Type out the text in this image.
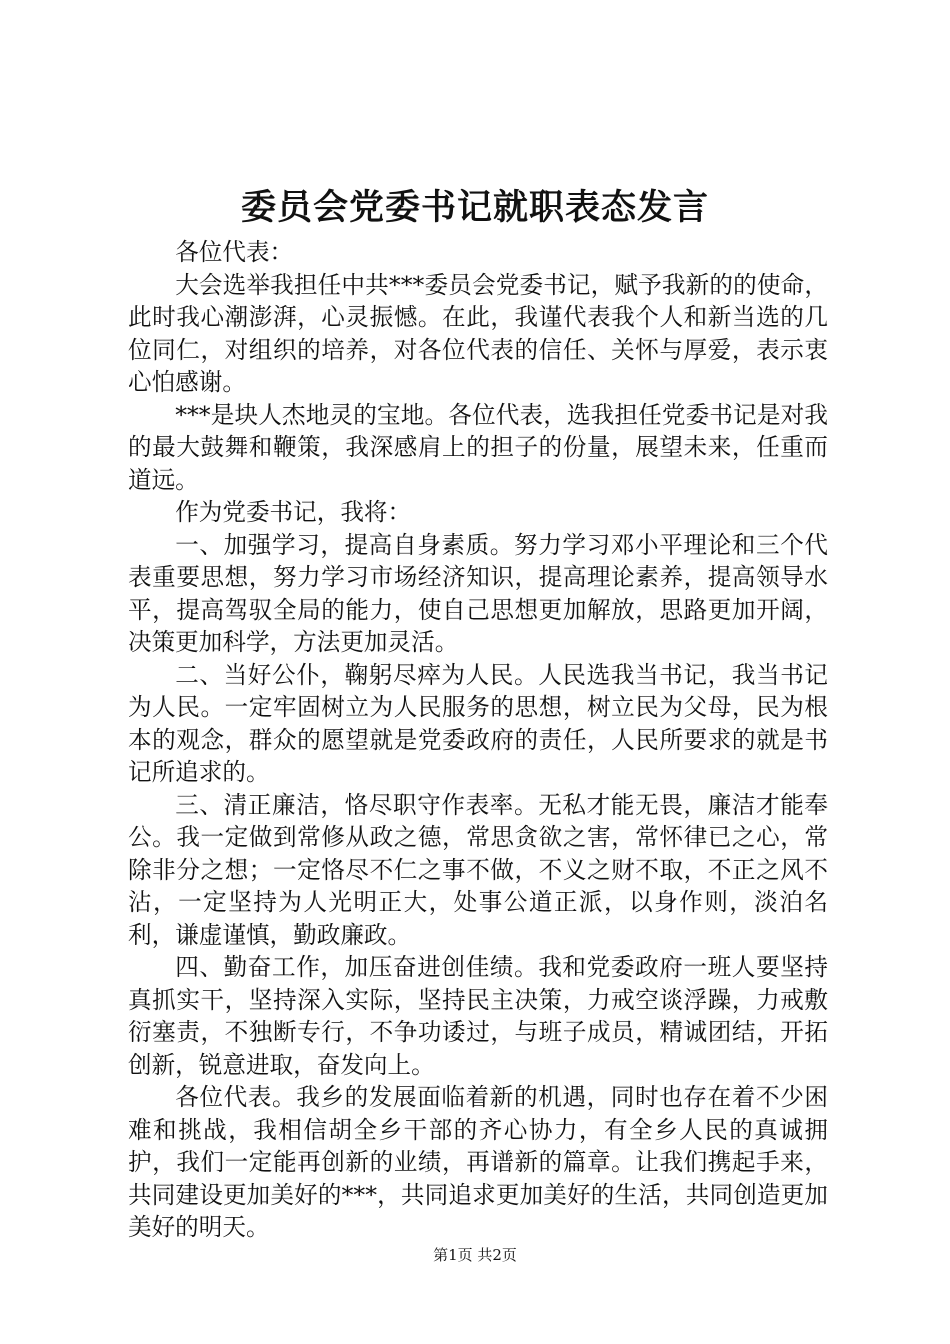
委员会党委书记就职表态发言

各位代表：

大会选举我担任中共***委员会党委书记，赋予我新的的使命，此时我心潮澎湃，心灵振憾。在此，我谨代表我个人和新当选的几位同仁，对组织的培养，对各位代表的信任、关怀与厚爱，表示衷心怕感谢。

***是块人杰地灵的宝地。各位代表，选我担任党委书记是对我的最大鼓舞和鞭策，我深感肩上的担子的份量，展望未来，任重而道远。

作为党委书记，我将：

一、加强学习，提高自身素质。努力学习邓小平理论和三个代表重要思想，努力学习市场经济知识，提高理论素养，提高领导水平，提高驾驭全局的能力，使自己思想更加解放，思路更加开阔，决策更加科学，方法更加灵活。

二、当好公仆，鞠躬尽瘁为人民。人民选我当书记，我当书记为人民。一定牢固树立为人民服务的思想，树立民为父母，民为根本的观念，群众的愿望就是党委政府的责任，人民所要求的就是书记所追求的。

三、清正廉洁，恪尽职守作表率。无私才能无畏，廉洁才能奉公。我一定做到常修从政之德，常思贪欲之害，常怀律已之心，常除非分之想；一定恪尽不仁之事不做，不义之财不取，不正之风不沾，一定坚持为人光明正大，处事公道正派，以身作则，淡泊名利，谦虚谨慎，勤政廉政。

四、勤奋工作，加压奋进创佳绩。我和党委政府一班人要坚持真抓实干，坚持深入实际，坚持民主决策，力戒空谈浮躁，力戒敷衍塞责，不独断专行，不争功诿过，与班子成员，精诚团结，开拓创新，锐意进取，奋发向上。

各位代表。我乡的发展面临着新的机遇，同时也存在着不少困难和挑战，我相信胡全乡干部的齐心协力，有全乡人民的真诚拥护，我们一定能再创新的业绩，再谱新的篇章。让我们携起手来，共同建设更加美好的***，共同追求更加美好的生活，共同创造更加美好的明天。

第1页 共2页
